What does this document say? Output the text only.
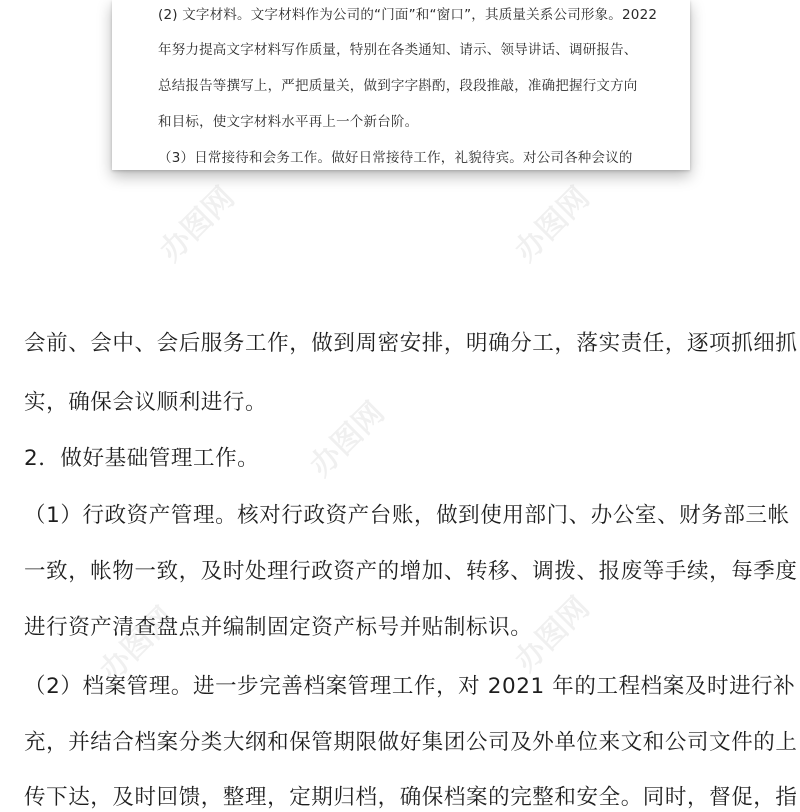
(2) 文字材料。文字材料作为公司的“门面”和“窗口”，其质量关系公司形象。2022
年努力提高文字材料写作质量，特别在各类通知、请示、领导讲话、调研报告、
总结报告等撰写上，严把质量关，做到字字斟酌，段段推敲，准确把握行文方向
和目标，使文字材料水平再上一个新台阶。
（3）日常接待和会务工作。做好日常接待工作，礼貌待宾。对公司各种会议的
会前、会中、会后服务工作，做到周密安排，明确分工，落实责任，逐项抓细抓
实，确保会议顺利进行。
2．做好基础管理工作。
（1）行政资产管理。核对行政资产台账，做到使用部门、办公室、财务部三帐
一致，帐物一致，及时处理行政资产的增加、转移、调拨、报废等手续，每季度
进行资产清查盘点并编制固定资产标号并贴制标识。
（2）档案管理。进一步完善档案管理工作，对 2021 年的工程档案及时进行补
充，并结合档案分类大纲和保管期限做好集团公司及外单位来文和公司文件的上
传下达，及时回馈，整理，定期归档，确保档案的完整和安全。同时，督促，指
办图网	办图网
办图网
办图网	办图网
